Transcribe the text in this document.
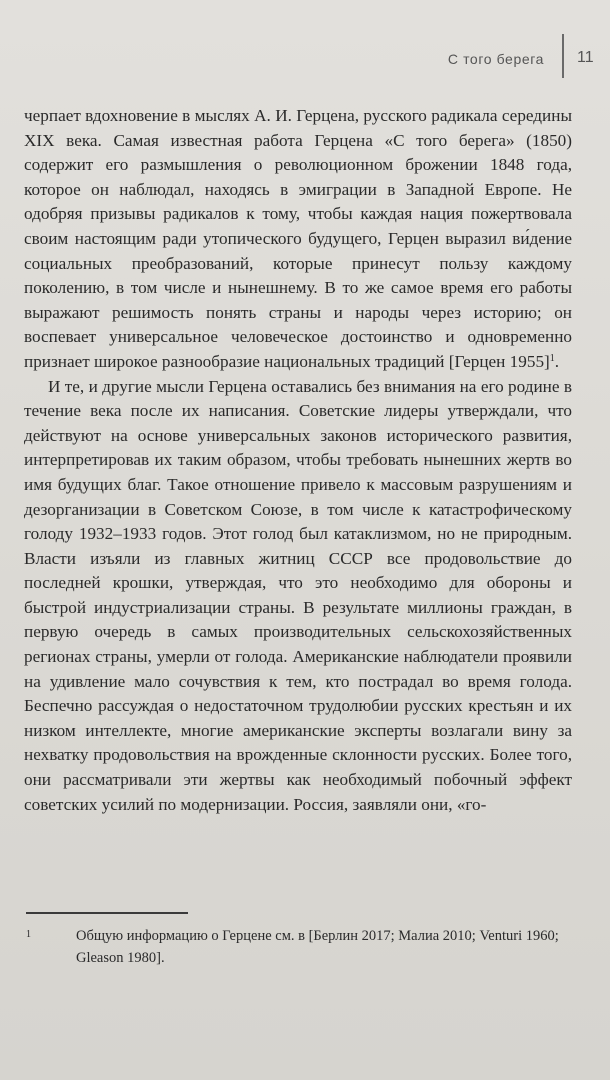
С того берега 11

черпает вдохновение в мыслях А. И. Герцена, русского радикала середины XIX века. Самая известная работа Герцена «С того берега» (1850) содержит его размышления о революционном брожении 1848 года, которое он наблюдал, находясь в эмиграции в Западной Европе. Не одобряя призывы радикалов к тому, чтобы каждая нация пожертвовала своим настоящим ради утопического будущего, Герцен выразил ви́дение социальных преобразований, которые принесут пользу каждому поколению, в том числе и нынешнему. В то же самое время его работы выражают решимость понять страны и народы через историю; он воспевает универсальное человеческое достоинство и одновременно признает широкое разнообразие национальных традиций [Герцен 1955]$^1$.

И те, и другие мысли Герцена оставались без внимания на его родине в течение века после их написания. Советские лидеры утверждали, что действуют на основе универсальных законов исторического развития, интерпретировав их таким образом, чтобы требовать нынешних жертв во имя будущих благ. Такое отношение привело к массовым разрушениям и дезорганизации в Советском Союзе, в том числе к катастрофическому голоду 1932–1933 годов. Этот голод был катаклизмом, но не природным. Власти изъяли из главных житниц СССР все продовольствие до последней крошки, утверждая, что это необходимо для обороны и быстрой индустриализации страны. В результате миллионы граждан, в первую очередь в самых производительных сельскохозяйственных регионах страны, умерли от голода. Американские наблюдатели проявили на удивление мало сочувствия к тем, кто пострадал во время голода. Беспечно рассуждая о недостаточном трудолюбии русских крестьян и их низком интеллекте, многие американские эксперты возлагали вину за нехватку продовольствия на врожденные склонности русских. Более того, они рассматривали эти жертвы как необходимый побочный эффект советских усилий по модернизации. Россия, заявляли они, «го-

1	Общую информацию о Герцене см. в [Берлин 2017; Малиа 2010; Venturi 1960; Gleason 1980].
